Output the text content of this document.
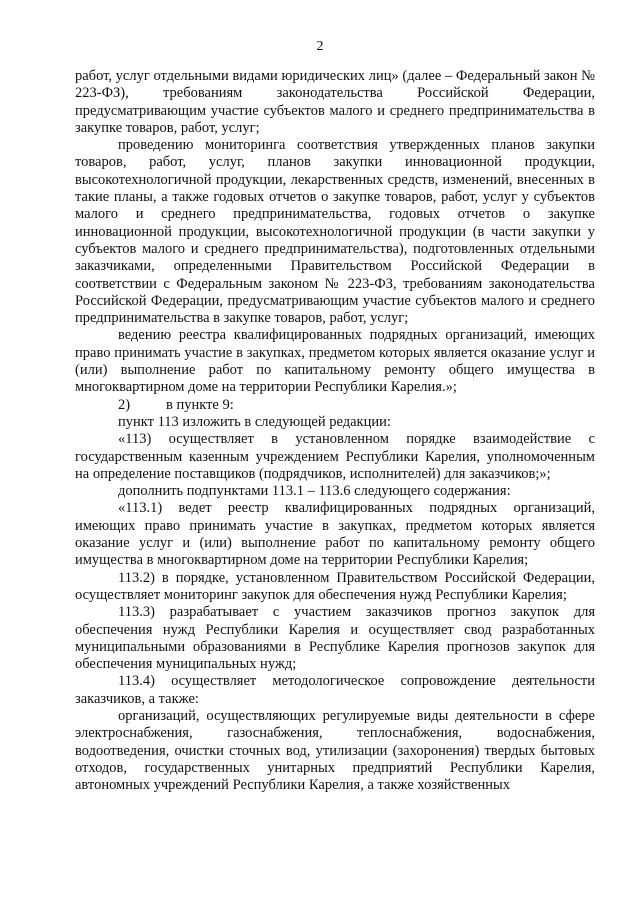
2

работ, услуг отдельными видами юридических лиц» (далее – Федеральный закон № 223-ФЗ), требованиям законодательства Российской Федерации, предусматривающим участие субъектов малого и среднего предпринимательства в закупке товаров, работ, услуг;

проведению мониторинга соответствия утвержденных планов закупки товаров, работ, услуг, планов закупки инновационной продукции, высокотехнологичной продукции, лекарственных средств, изменений, внесенных в такие планы, а также годовых отчетов о закупке товаров, работ, услуг у субъектов малого и среднего предпринимательства, годовых отчетов о закупке инновационной продукции, высокотехнологичной продукции (в части закупки у субъектов малого и среднего предпринимательства), подготовленных отдельными заказчиками, определенными Правительством Российской Федерации в соответствии с Федеральным законом № 223-ФЗ, требованиям законодательства Российской Федерации, предусматривающим участие субъектов малого и среднего предпринимательства в закупке товаров, работ, услуг;

ведению реестра квалифицированных подрядных организаций, имеющих право принимать участие в закупках, предметом которых является оказание услуг и (или) выполнение работ по капитальному ремонту общего имущества в многоквартирном доме на территории Республики Карелия.»;

2) в пункте 9:

пункт 113 изложить в следующей редакции:

«113) осуществляет в установленном порядке взаимодействие с государственным казенным учреждением Республики Карелия, уполномоченным на определение поставщиков (подрядчиков, исполнителей) для заказчиков;»;

дополнить подпунктами 113.1 – 113.6 следующего содержания:

«113.1) ведет реестр квалифицированных подрядных организаций, имеющих право принимать участие в закупках, предметом которых является оказание услуг и (или) выполнение работ по капитальному ремонту общего имущества в многоквартирном доме на территории Республики Карелия;

113.2) в порядке, установленном Правительством Российской Федерации, осуществляет мониторинг закупок для обеспечения нужд Республики Карелия;

113.3) разрабатывает с участием заказчиков прогноз закупок для обеспечения нужд Республики Карелия и осуществляет свод разработанных муниципальными образованиями в Республике Карелия прогнозов закупок для обеспечения муниципальных нужд;

113.4) осуществляет методологическое сопровождение деятельности заказчиков, а также:

организаций, осуществляющих регулируемые виды деятельности в сфере электроснабжения, газоснабжения, теплоснабжения, водоснабжения, водоотведения, очистки сточных вод, утилизации (захоронения) твердых бытовых отходов, государственных унитарных предприятий Республики Карелия, автономных учреждений Республики Карелия, а также хозяйственных
